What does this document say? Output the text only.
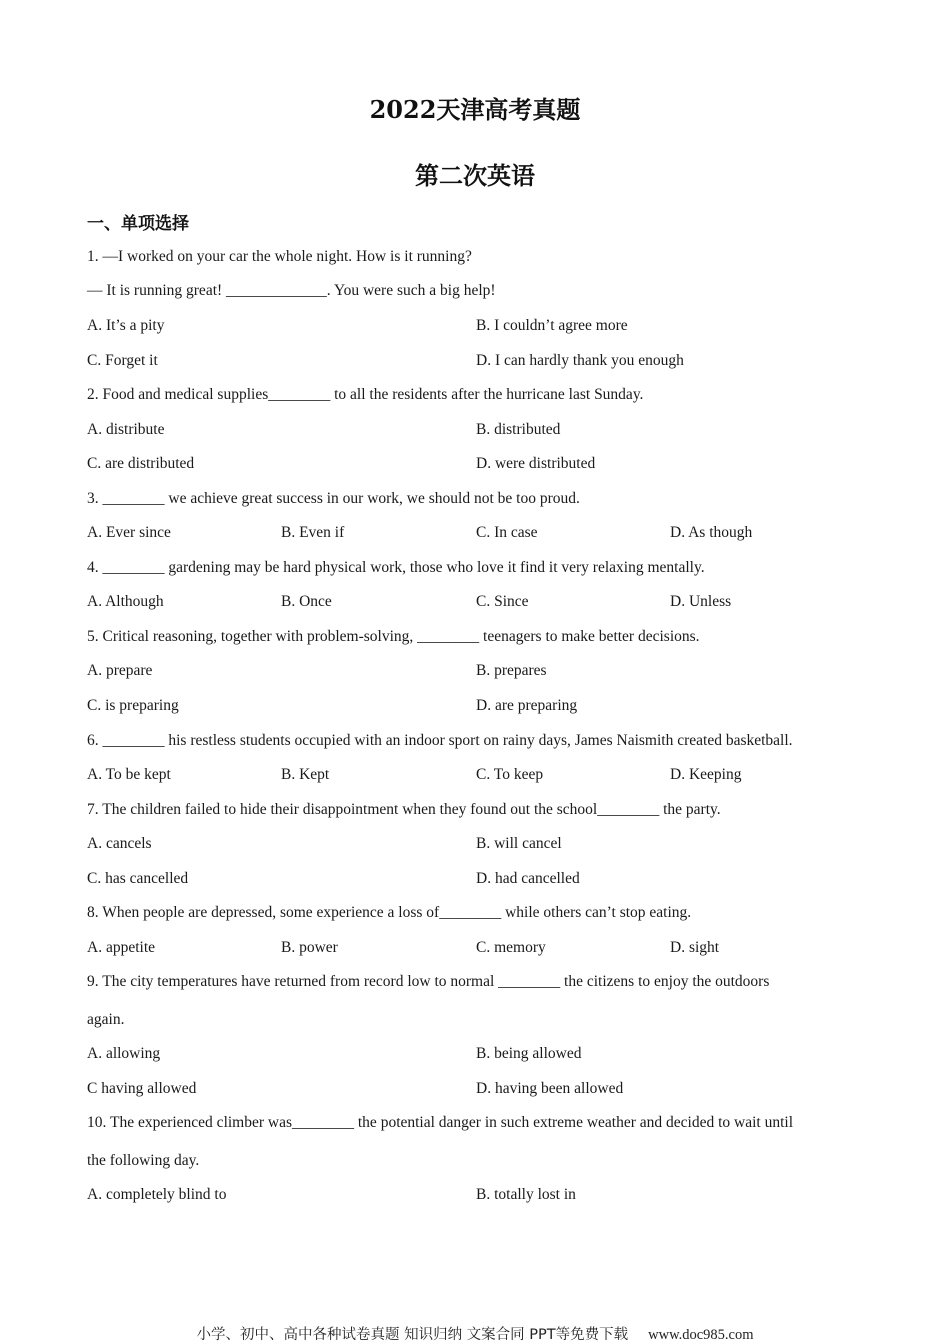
2022天津高考真题
第二次英语
一、单项选择
1. —I worked on your car the whole night. How is it running?
— It is running great! _____________. You were such a big help!
A. It’s a pity	B. I couldn’t agree more
C. Forget it	D. I can hardly thank you enough
2. Food and medical supplies________ to all the residents after the hurricane last Sunday.
A. distribute	B. distributed
C. are distributed	D. were distributed
3. ________ we achieve great success in our work, we should not be too proud.
A. Ever since	B. Even if	C. In case	D. As though
4. ________ gardening may be hard physical work, those who love it find it very relaxing mentally.
A. Although	B. Once	C. Since	D. Unless
5. Critical reasoning, together with problem-solving, ________ teenagers to make better decisions.
A. prepare	B. prepares
C. is preparing	D. are preparing
6. ________ his restless students occupied with an indoor sport on rainy days, James Naismith created basketball.
A. To be kept	B. Kept	C. To keep	D. Keeping
7. The children failed to hide their disappointment when they found out the school________ the party.
A. cancels	B. will cancel
C. has cancelled	D. had cancelled
8. When people are depressed, some experience a loss of________ while others can’t stop eating.
A. appetite	B. power	C. memory	D. sight
9. The city temperatures have returned from record low to normal ________ the citizens to enjoy the outdoors
again.
A. allowing	B. being allowed
C having allowed	D. having been allowed
10. The experienced climber was________ the potential danger in such extreme weather and decided to wait until
the following day.
A. completely blind to	B. totally lost in
小学、初中、高中各种试卷真题 知识归纳 文案合同 PPT等免费下载 www.doc985.com
